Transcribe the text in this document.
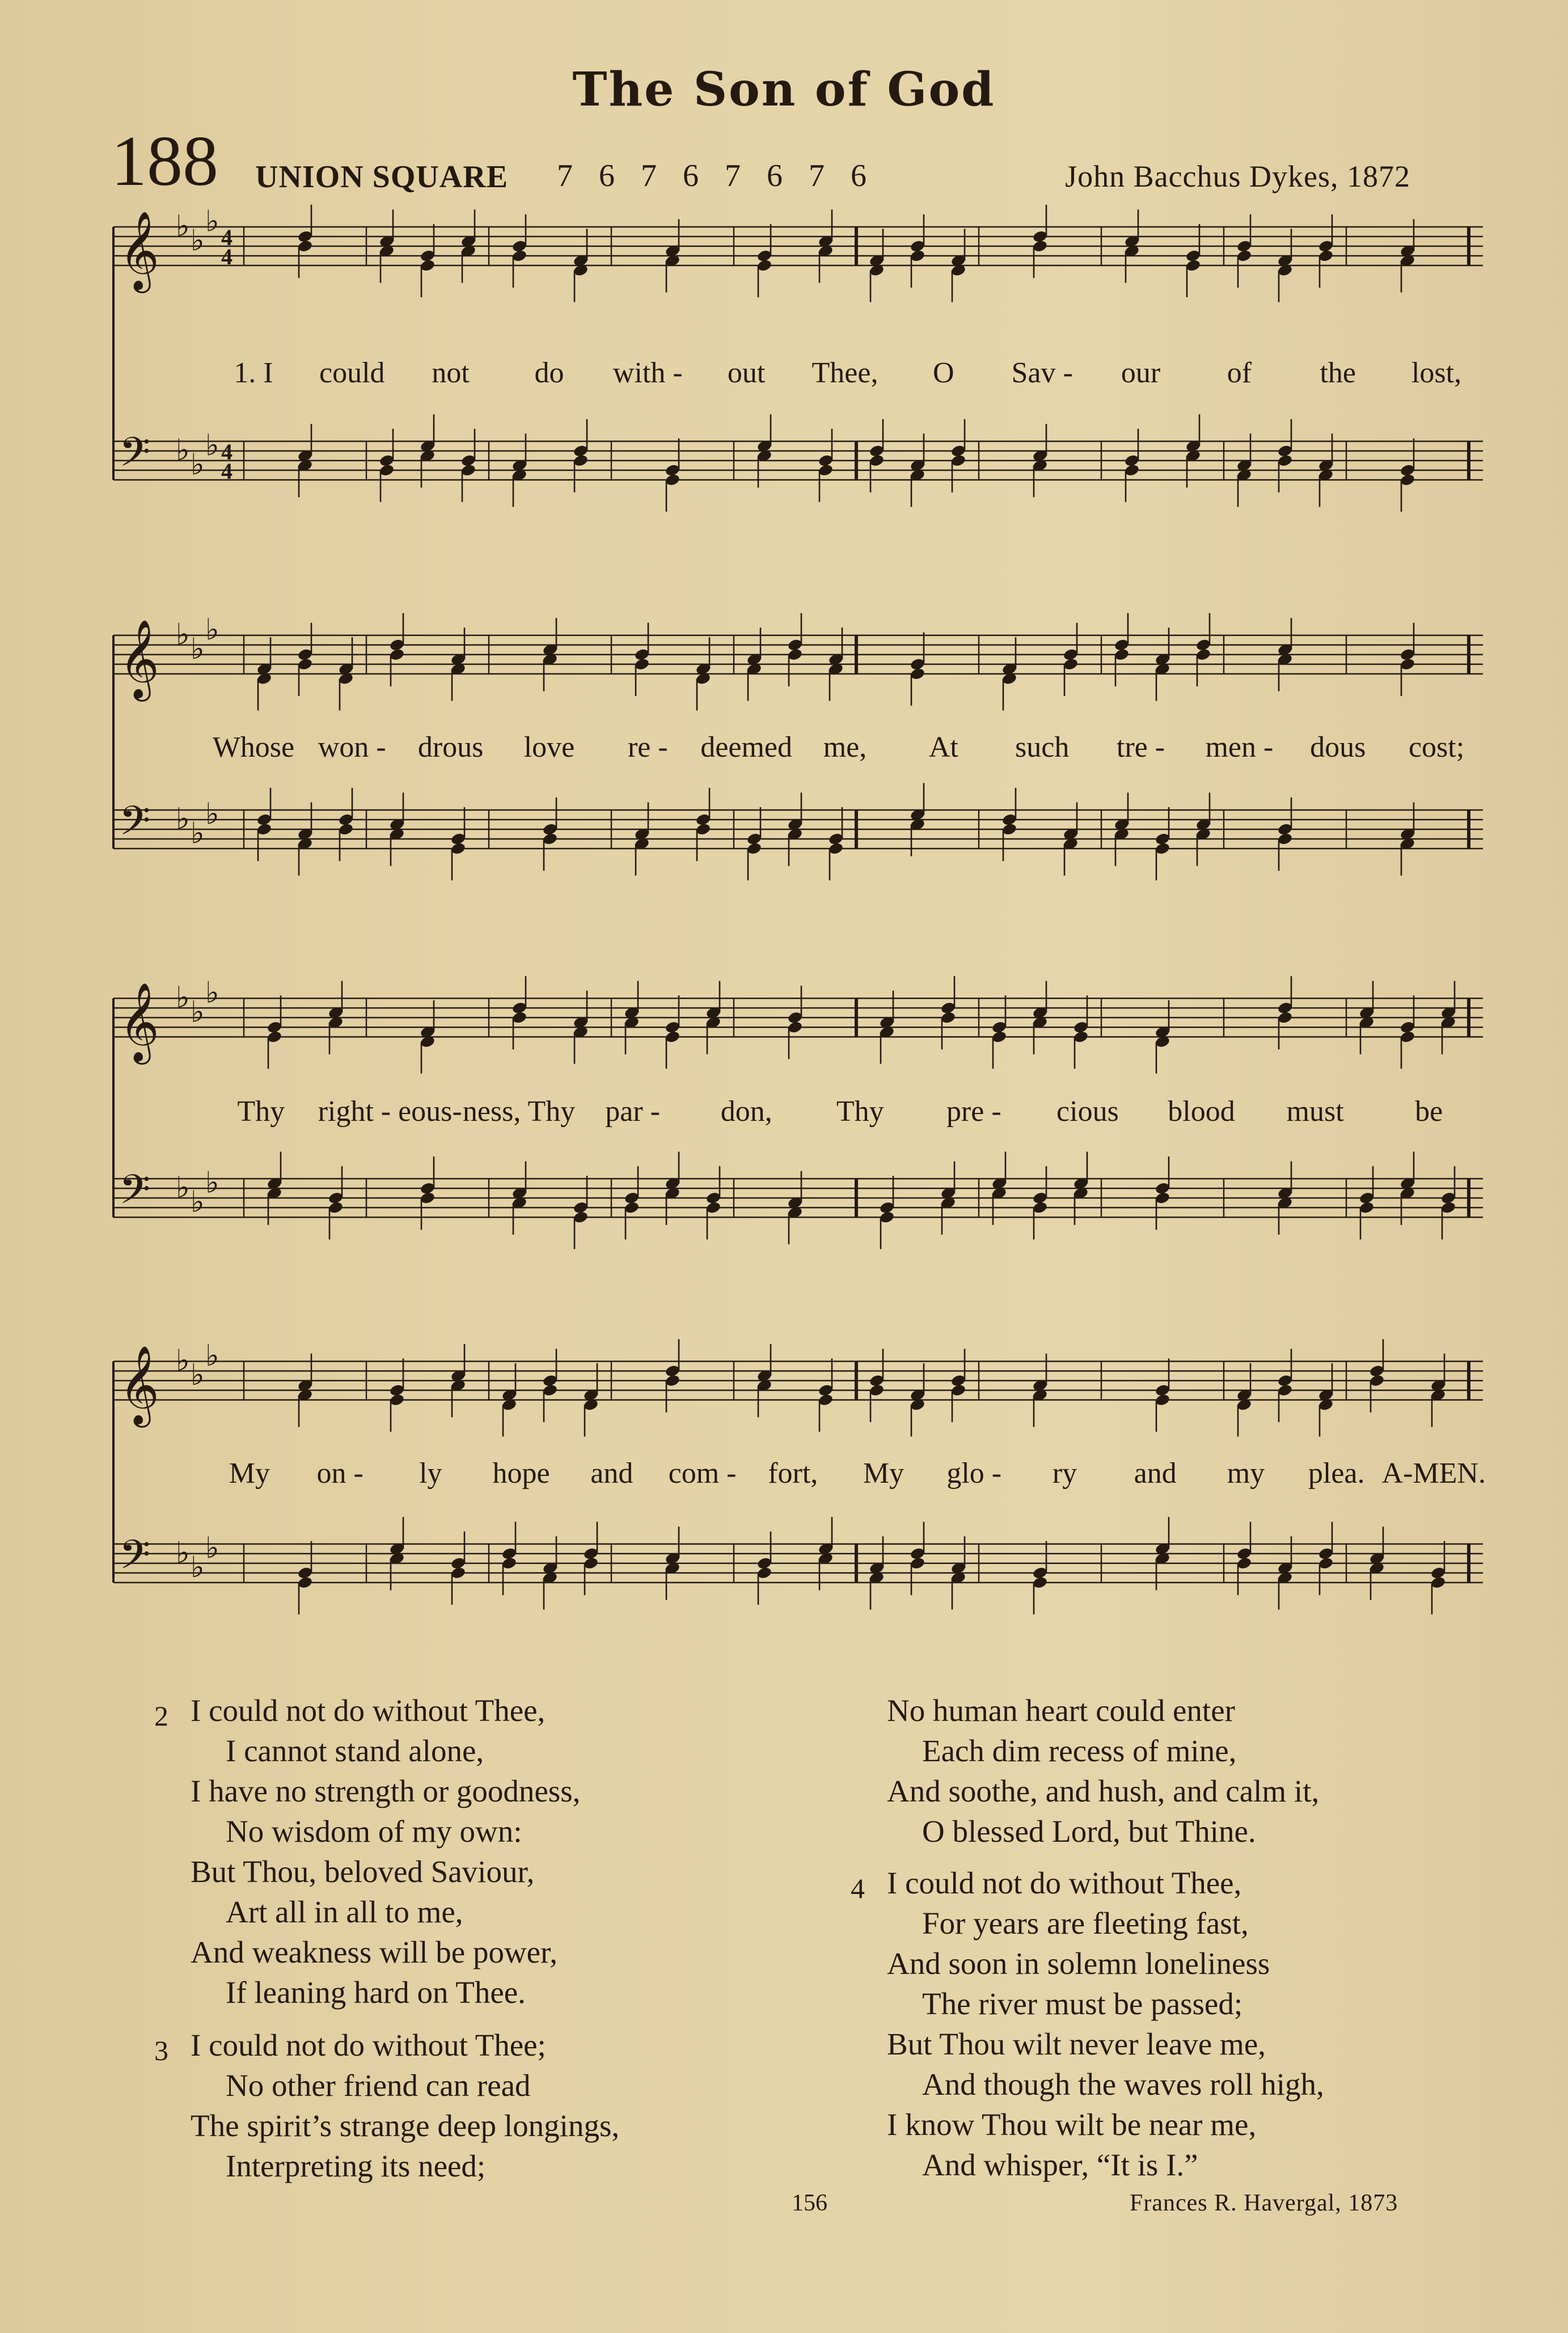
The Son of God
188 UNION SQUARE 7 6 7 6 7 6 7 6	John Bacchus Dykes, 1872
𝄞
𝄢
♭
♭
♭
♭
♭
♭
4
4
4
4
𝄞
𝄢
♭
♭
♭
♭
♭
♭
𝄞
𝄢
♭
♭
♭
♭
♭
♭
𝄞
𝄢
♭
♭
♭
♭
♭
♭
1. I	could	not	do	with -	out	Thee,	O	Sav -	our	of	the	lost,
Whose won -	drous	love	re -	deemed	me,	At	such	tre -	men -	dous	cost;
Thy	right - eous- ness, Thy	par -	don,	Thy	pre -	cious	blood	must	be
My	on -	ly	hope	and	com -	fort,	My	glo -	ry	and	my	plea. A-MEN.
2 I could not do without Thee,
I cannot stand alone,
I have no strength or goodness,
No wisdom of my own:
But Thou, beloved Saviour,
Art all in all to me,
And weakness will be power,
If leaning hard on Thee.
3 I could not do without Thee;
No other friend can read
The spirit’s strange deep longings,
Interpreting its need;
No human heart could enter
Each dim recess of mine,
And soothe, and hush, and calm it,
O blessed Lord, but Thine.
4 I could not do without Thee,
For years are fleeting fast,
And soon in solemn loneliness
The river must be passed;
But Thou wilt never leave me,
And though the waves roll high,
I know Thou wilt be near me,
And whisper, “It is I.”
156	Frances R. Havergal, 1873
